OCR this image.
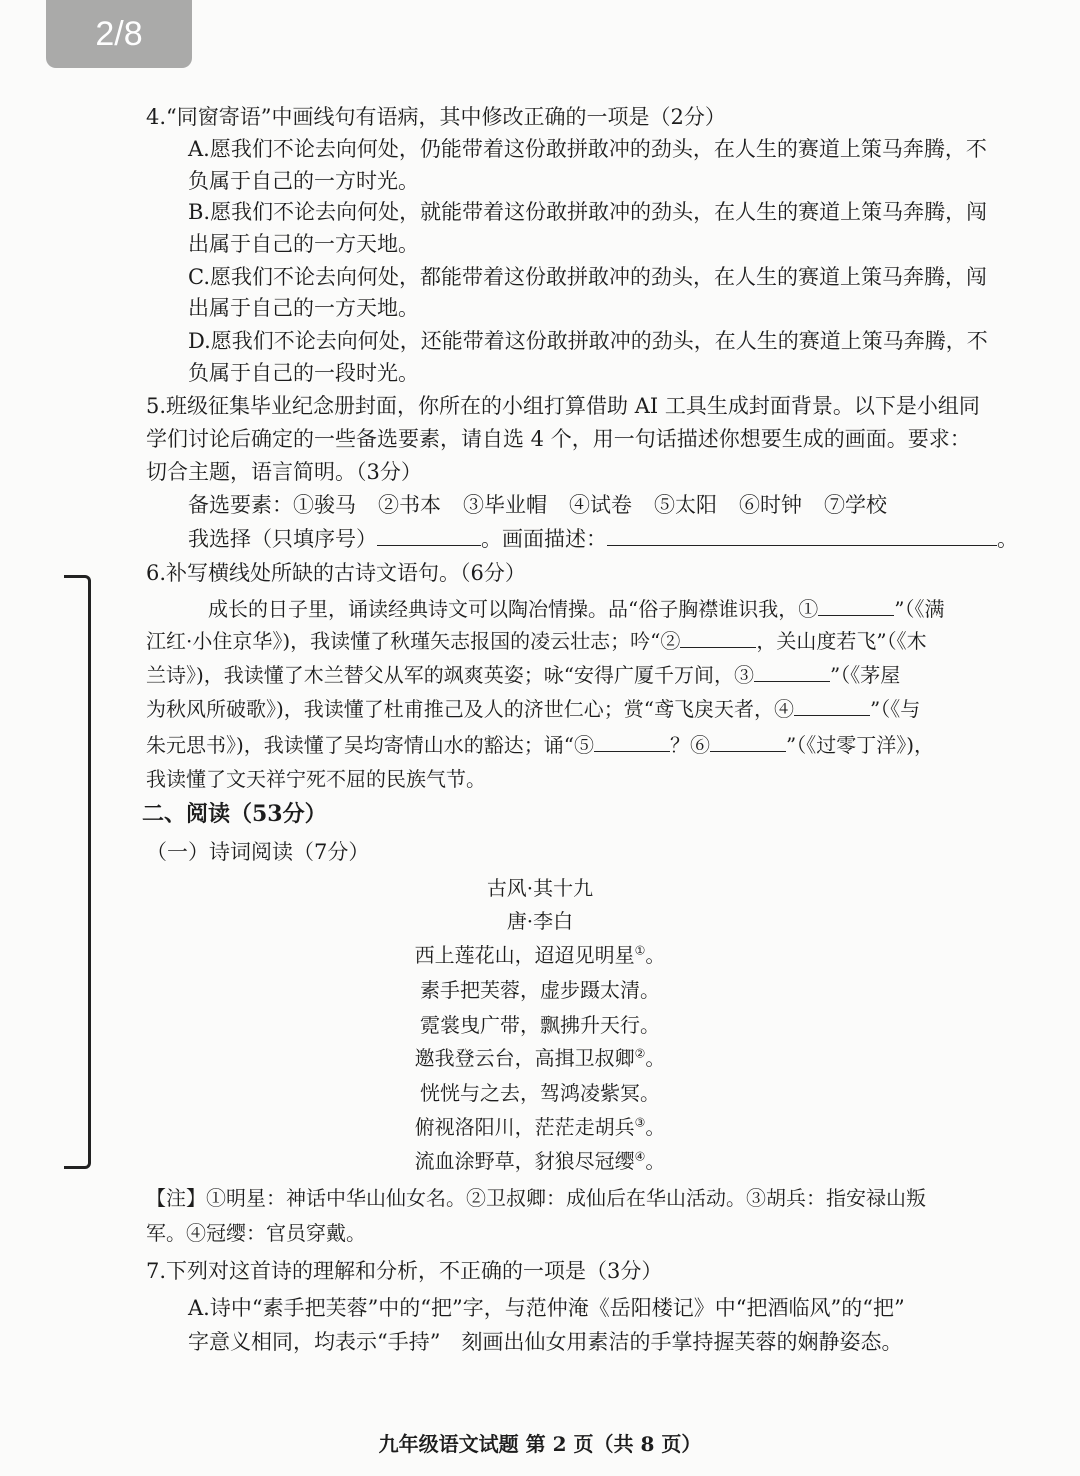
2/8
4.“同窗寄语”中画线句有语病，其中修改正确的一项是（2分）
A.愿我们不论去向何处，仍能带着这份敢拼敢冲的劲头，在人生的赛道上策马奔腾，不
负属于自己的一方时光。
B.愿我们不论去向何处，就能带着这份敢拼敢冲的劲头，在人生的赛道上策马奔腾，闯
出属于自己的一方天地。
C.愿我们不论去向何处，都能带着这份敢拼敢冲的劲头，在人生的赛道上策马奔腾，闯
出属于自己的一方天地。
D.愿我们不论去向何处，还能带着这份敢拼敢冲的劲头，在人生的赛道上策马奔腾，不
负属于自己的一段时光。
5.班级征集毕业纪念册封面，你所在的小组打算借助 AI 工具生成封面背景。以下是小组同
学们讨论后确定的一些备选要素，请自选 4 个，用一句话描述你想要生成的画面。要求：
切合主题，语言简明。（3分）
备选要素：①骏马 ②书本 ③毕业帽 ④试卷 ⑤太阳 ⑥时钟 ⑦学校
我选择（只填序号）	。画面描述：	。
6.补写横线处所缺的古诗文语句。（6分）
成长的日子里，诵读经典诗文可以陶冶情操。品“俗子胸襟谁识我，①	”（《满
江红·小住京华》)，我读懂了秋瑾矢志报国的凌云壮志；吟“②	，关山度若飞”（《木
兰诗》)，我读懂了木兰替父从军的飒爽英姿；咏“安得广厦千万间，③	”（《茅屋
为秋风所破歌》)，我读懂了杜甫推己及人的济世仁心；赏“鸢飞戾天者，④	”（《与
朱元思书》)，我读懂了吴均寄情山水的豁达；诵“⑤	？⑥	”（《过零丁洋》)，
我读懂了文天祥宁死不屈的民族气节。
二、阅读（53分）
（一）诗词阅读（7分）
古风·其十九
唐·李白
西上莲花山，迢迢见明星①。
素手把芙蓉，虚步蹑太清。
霓裳曳广带，飘拂升天行。
邀我登云台，高揖卫叔卿②。
恍恍与之去，驾鸿凌紫冥。
俯视洛阳川，茫茫走胡兵③。
流血涂野草，豺狼尽冠缨④。
【注】①明星：神话中华山仙女名。②卫叔卿：成仙后在华山活动。③胡兵：指安禄山叛
军。④冠缨：官员穿戴。
7.下列对这首诗的理解和分析，不正确的一项是（3分）
A.诗中“素手把芙蓉”中的“把”字，与范仲淹《岳阳楼记》中“把酒临风”的“把”
字意义相同，均表示“手持”　刻画出仙女用素洁的手掌持握芙蓉的娴静姿态。
九年级语文试题 第 2 页（共 8 页）
